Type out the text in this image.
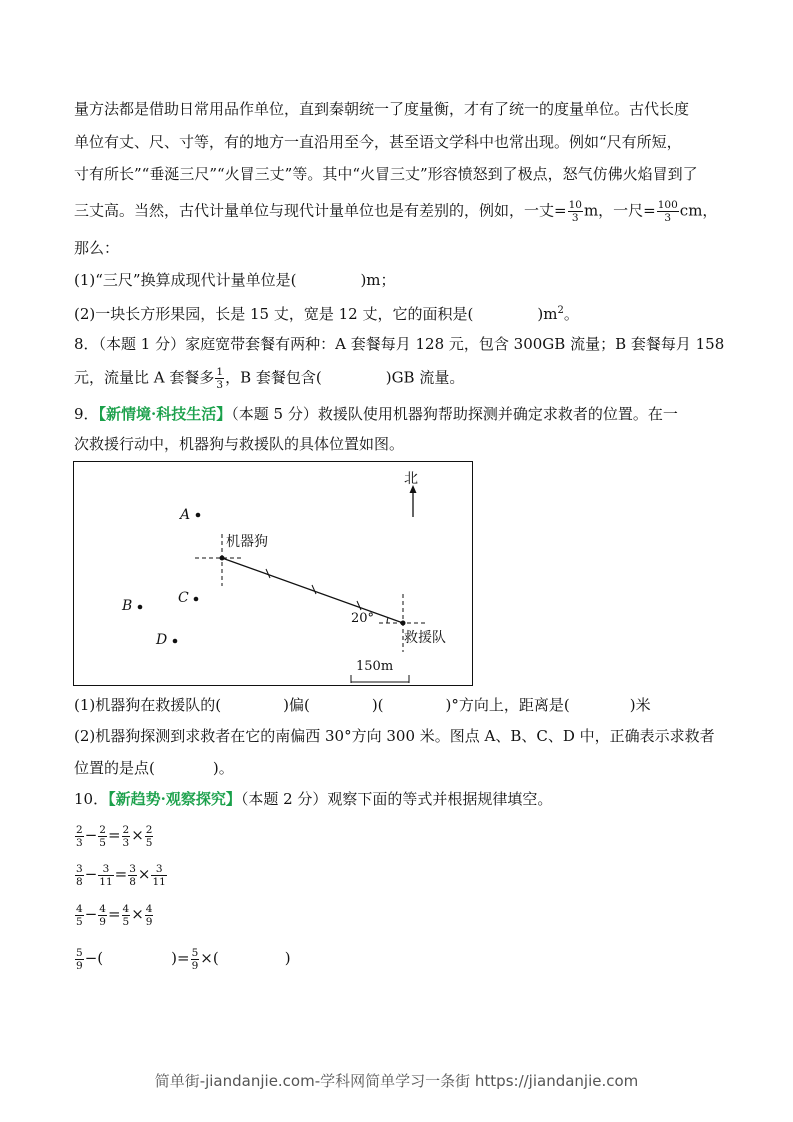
量方法都是借助日常用品作单位，直到秦朝统一了度量衡，才有了统一的度量单位。古代长度
单位有丈、尺、寸等，有的地方一直沿用至今，甚至语文学科中也常出现。例如“尺有所短，
寸有所长”“垂涎三尺”“火冒三丈”等。其中“火冒三丈”形容愤怒到了极点，怒气仿佛火焰冒到了
三丈高。当然，古代计量单位与现代计量单位也是有差别的，例如，一丈= $\frac{10}{3}$ m，一尺= $\frac{100}{3}$ cm，
那么：
(1)“三尺”换算成现代计量单位是(	)m；
(2)一块长方形果园，长是 15 丈，宽是 12 丈，它的面积是(	)$m^2$。
8．（本题 1 分）家庭宽带套餐有两种：A 套餐每月 128 元，包含 300GB 流量；B 套餐每月 158
元，流量比 A 套餐多 $\frac{1}{3}$ ，B 套餐包含(	)GB 流量。
9．【新情境·科技生活】（本题 5 分）救援队使用机器狗帮助探测并确定求救者的位置。在一
次救援行动中，机器狗与救援队的具体位置如图。
北
机器狗
救援队
20°
150m
A
B	C
D
(1)机器狗在救援队的(	)偏(	)(	)°方向上，距离是(	)米
(2)机器狗探测到求救者在它的南偏西 30°方向 300 米。图点 A、B、C、D 中，正确表示求救者
位置的是点(	)。
10．【新趋势·观察探究】（本题 2 分）观察下面的等式并根据规律填空。
$\frac{2}{3} - \frac{2}{5} = \frac{2}{3} \times \frac{2}{5}$
$\frac{3}{8} - \frac{3}{11} = \frac{3}{8} \times \frac{3}{11}$
$\frac{4}{5} - \frac{4}{9} = \frac{4}{5} \times \frac{4}{9}$
$\frac{5}{9}$ −(	)= $\frac{5}{9}$ ×(	)
简单街-jiandanjie.com-学科网简单学习一条街 https://jiandanjie.com
